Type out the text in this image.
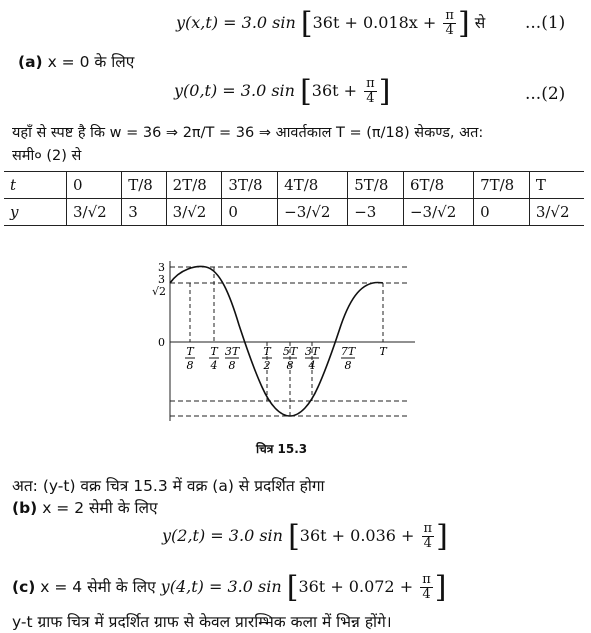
y(x,t) = 3.0 $\sin [36t + 0.018x + \frac{\pi}{4}$ ] से ...(1)
(a) x = 0 के लिए
y(0,t) = 3.0 $\sin [36t + \frac{\pi}{4}$ ]	...(2)
यहाँ से स्पष्ट है कि w = 36 ⇒ 2π/T = 36 ⇒ आवर्तकाल T = (π/18) सेकण्ड, अत:
समी० (2) से
t	0	T/8	2T/8	3T/8	4T/8	5T/8	6T/8	7T/8	T
y	3/√2	3	3/√2	0	−3/√2	−3	−3/√2	0	3/√2
3
3
√2
0
T
8
T
4
3T
8
T
2
5T
8
3T
4
7T
8
T
चित्र 15.3
अत: (y-t) वक्र चित्र 15.3 में वक्र (a) से प्रदर्शित होगा
(b) x = 2 सेमी के लिए
y(2,t) = 3.0 $\sin [36t + 0.036 + \frac{\pi}{4}$ ]
(c) x = 4 सेमी के लिए y(4,t) = 3.0 $\sin [36t + 0.072 + \frac{\pi}{4}$ ]
y-t ग्राफ चित्र में प्रदर्शित ग्राफ से केवल प्रारम्भिक कला में भिन्न होंगे।
